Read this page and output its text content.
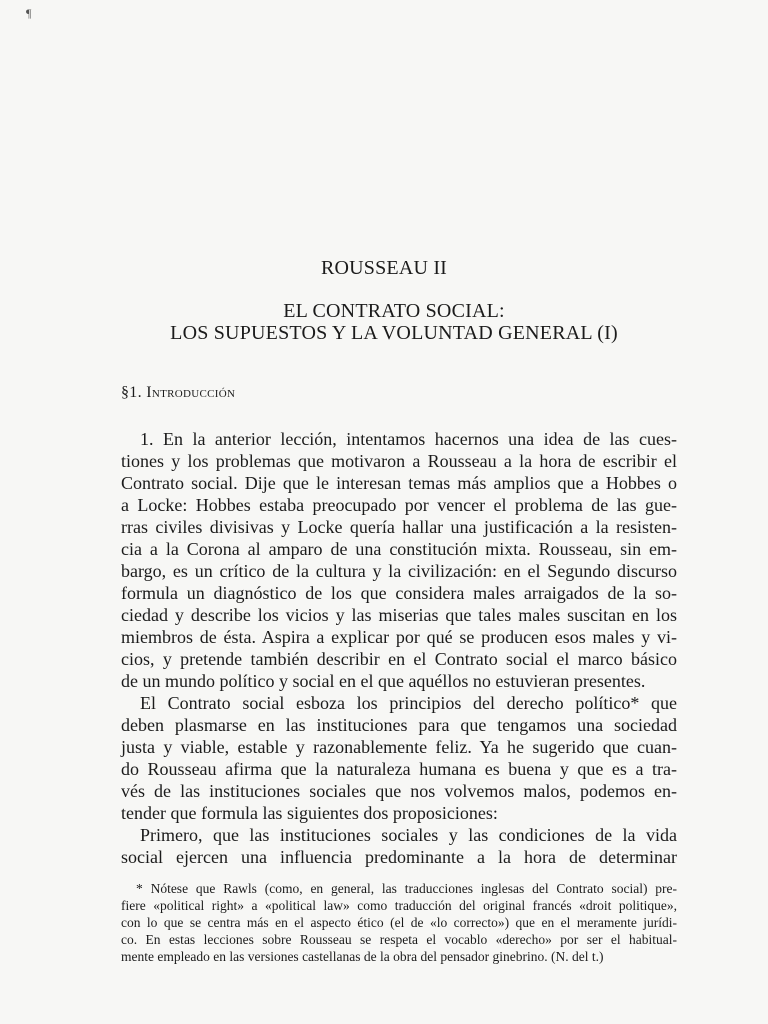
¶
ROUSSEAU II
EL CONTRATO SOCIAL:
LOS SUPUESTOS Y LA VOLUNTAD GENERAL (I)
§1. Introducción
1. En la anterior lección, intentamos hacernos una idea de las cues-
tiones y los problemas que motivaron a Rousseau a la hora de escribir el
Contrato social. Dije que le interesan temas más amplios que a Hobbes o
a Locke: Hobbes estaba preocupado por vencer el problema de las gue-
rras civiles divisivas y Locke quería hallar una justificación a la resisten-
cia a la Corona al amparo de una constitución mixta. Rousseau, sin em-
bargo, es un crítico de la cultura y la civilización: en el Segundo discurso
formula un diagnóstico de los que considera males arraigados de la so-
ciedad y describe los vicios y las miserias que tales males suscitan en los
miembros de ésta. Aspira a explicar por qué se producen esos males y vi-
cios, y pretende también describir en el Contrato social el marco básico
de un mundo político y social en el que aquéllos no estuvieran presentes.
El Contrato social esboza los principios del derecho político* que
deben plasmarse en las instituciones para que tengamos una sociedad
justa y viable, estable y razonablemente feliz. Ya he sugerido que cuan-
do Rousseau afirma que la naturaleza humana es buena y que es a tra-
vés de las instituciones sociales que nos volvemos malos, podemos en-
tender que formula las siguientes dos proposiciones:
Primero, que las instituciones sociales y las condiciones de la vida
social ejercen una influencia predominante a la hora de determinar
* Nótese que Rawls (como, en general, las traducciones inglesas del Contrato social) pre-
fiere «political right» a «political law» como traducción del original francés «droit politique»,
con lo que se centra más en el aspecto ético (el de «lo correcto») que en el meramente jurídi-
co. En estas lecciones sobre Rousseau se respeta el vocablo «derecho» por ser el habitual-
mente empleado en las versiones castellanas de la obra del pensador ginebrino. (N. del t.)
